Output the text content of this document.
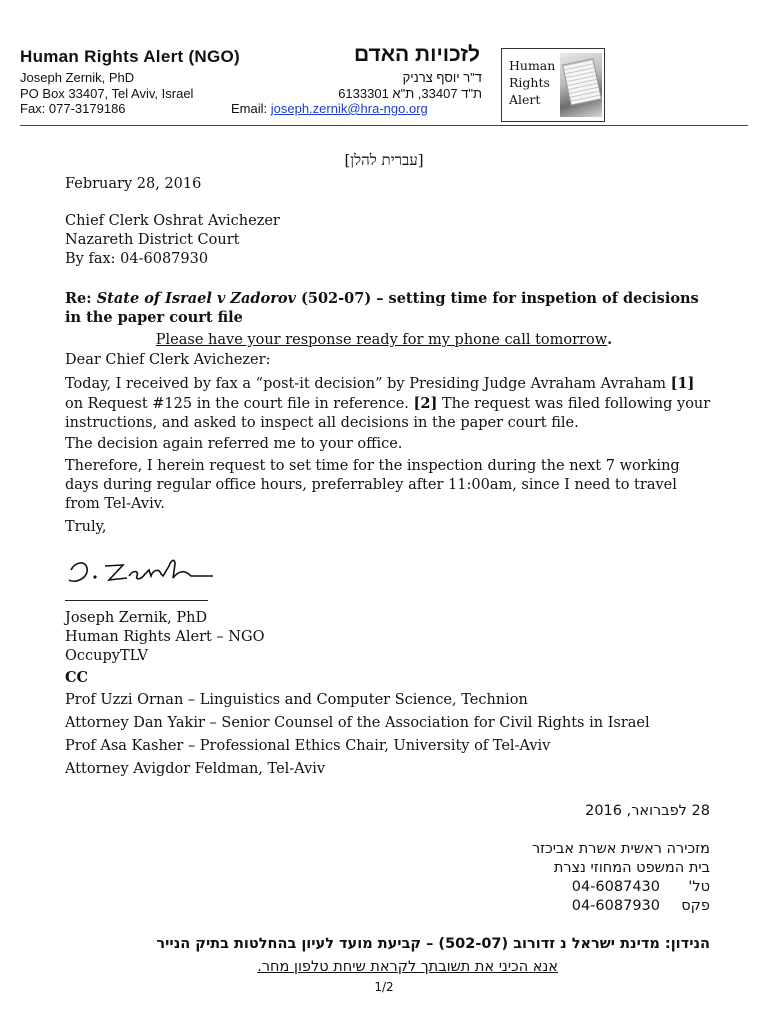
Human Rights Alert (NGO)	לזכויות האדם
Joseph Zernik, PhD
PO Box 33407, Tel Aviv, Israel
Fax: 077-3179186
ד"ר יוסף צרניק
ת"ד 33407, ת"א 6133301
Email: joseph.zernik@hra-ngo.org
Human
Rights
Alert
[עברית להלן]
February 28, 2016
Chief Clerk Oshrat Avichezer
Nazareth District Court
By fax: 04-6087930
Re: State of Israel v Zadorov (502-07) – setting time for inspetion of decisions in the paper court file
Please have your response ready for my phone call tomorrow.
Dear Chief Clerk Avichezer:
Today, I received by fax a “post-it decision” by Presiding Judge Avraham Avraham [1] on Request #125 in the court file in reference. [2] The request was filed following your instructions, and asked to inspect all decisions in the paper court file.
The decision again referred me to your office.
Therefore, I herein request to set time for the inspection during the next 7 working days during regular office hours, preferrabley after 11:00am, since I need to travel from Tel-Aviv.
Truly,
Joseph Zernik, PhD
Human Rights Alert – NGO
OccupyTLV
CC
Prof Uzzi Ornan – Linguistics and Computer Science, Technion
Attorney Dan Yakir – Senior Counsel of the Association for Civil Rights in Israel
Prof Asa Kasher – Professional Ethics Chair, University of Tel-Aviv
Attorney Avigdor Feldman, Tel-Aviv
28 לפברואר, 2016
מזכירה ראשית אשרת אביכזר
בית המשפט המחוזי נצרת
טל'04-6087430
פקס04-6087930
הנידון: מדינת ישראל נ זדורוב (502-07) – קביעת מועד לעיון בהחלטות בתיק הנייר
אנא הכיני את תשובתך לקראת שיחת טלפון מחר.
1/2
